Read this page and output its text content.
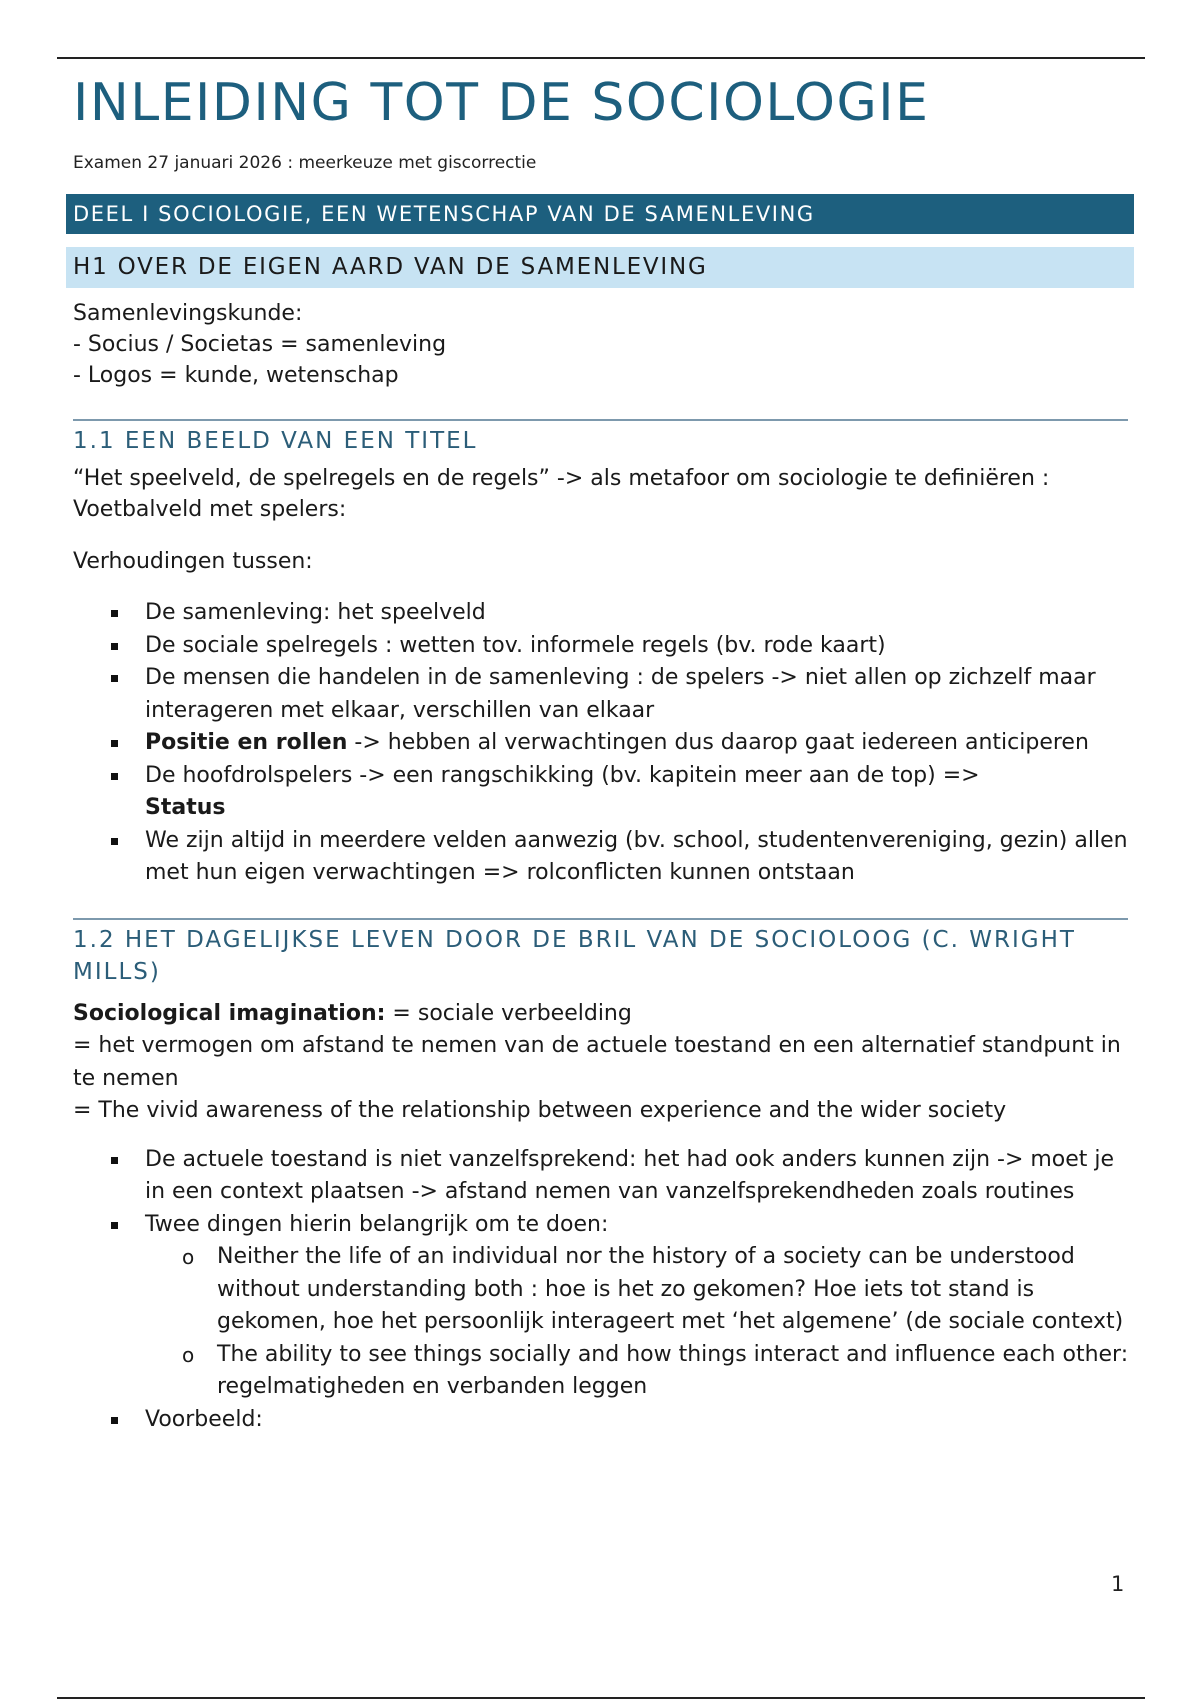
INLEIDING TOT DE SOCIOLOGIE

Examen 27 januari 2026 : meerkeuze met giscorrectie

DEEL I SOCIOLOGIE, EEN WETENSCHAP VAN DE SAMENLEVING
H1 OVER DE EIGEN AARD VAN DE SAMENLEVING

Samenlevingskunde:

- Socius / Societas = samenleving

- Logos = kunde, wetenschap

1.1 EEN BEELD VAN EEN TITEL

“Het speelveld, de spelregels en de regels” -> als metafoor om sociologie te definiëren : Voetbalveld met spelers:

Verhoudingen tussen:

De samenleving: het speelveld
De sociale spelregels : wetten tov. informele regels (bv. rode kaart)
De mensen die handelen in de samenleving : de spelers -> niet allen op zichzelf maar interageren met elkaar, verschillen van elkaar
Positie en rollen -> hebben al verwachtingen dus daarop gaat iedereen anticiperen
De hoofdrolspelers -> een rangschikking (bv. kapitein meer aan de top) =>
Status
We zijn altijd in meerdere velden aanwezig (bv. school, studentenvereniging, gezin) allen met hun eigen verwachtingen => rolconflicten kunnen ontstaan
1.2 HET DAGELIJKSE LEVEN DOOR DE BRIL VAN DE SOCIOLOOG (C. WRIGHT MILLS)

Sociological imagination: = sociale verbeelding

= het vermogen om afstand te nemen van de actuele toestand en een alternatief standpunt in te nemen

= The vivid awareness of the relationship between experience and the wider society

De actuele toestand is niet vanzelfsprekend: het had ook anders kunnen zijn -> moet je in een context plaatsen -> afstand nemen van vanzelfsprekendheden zoals routines
Twee dingen hierin belangrijk om te doen:
o Neither the life of an individual nor the history of a society can be understood without understanding both : hoe is het zo gekomen? Hoe iets tot stand is gekomen, hoe het persoonlijk interageert met ‘het algemene’ (de sociale context)
o The ability to see things socially and how things interact and influence each other: regelmatigheden en verbanden leggen
Voorbeeld:
1
